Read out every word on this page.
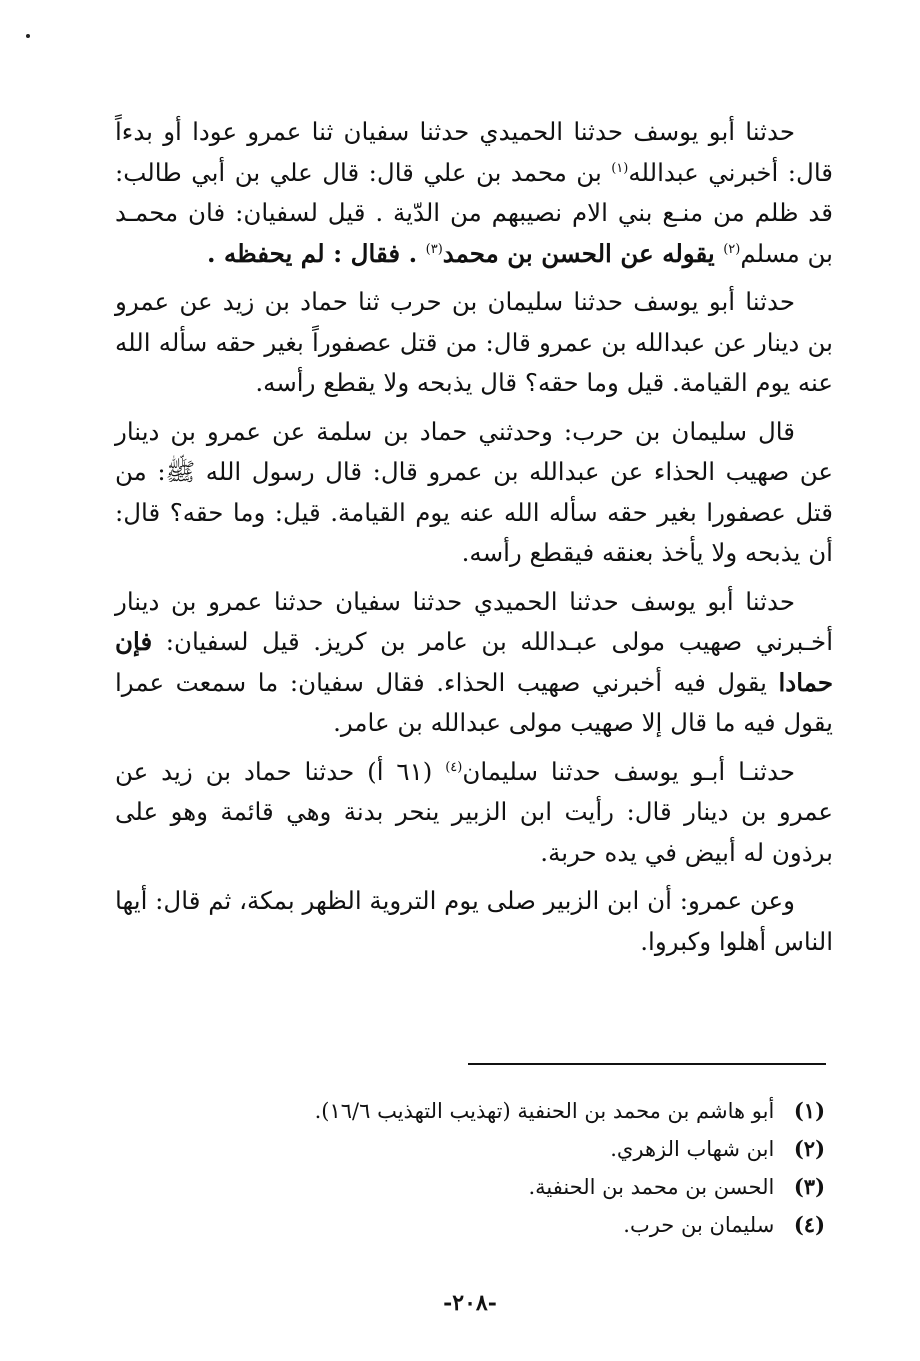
حدثنا أبو يوسف حدثنا الحميدي حدثنا سفيان ثنا عمرو عودا أو بدءاً قال: أخبرني عبدالله$^{(١)}$ بن محمد بن علي قال: قال علي بن أبي طالب: قد ظلم من منـع بني الام نصيبهم من الدّية . قيل لسفيان: فان محمـد بن مسلم$^{(٢)}$ يقوله عن الحسن بن محمد$^{(٣)}$ . فقال : لم يحفظه .

حدثنا أبو يوسف حدثنا سليمان بن حرب ثنا حماد بن زيد عن عمرو بن دينار عن عبدالله بن عمرو قال: من قتل عصفوراً بغير حقه سأله الله عنه يوم القيامة. قيل وما حقه؟ قال يذبحه ولا يقطع رأسه.

قال سليمان بن حرب: وحدثني حماد بن سلمة عن عمرو بن دينار عن صهيب الحذاء عن عبدالله بن عمرو قال: قال رسول الله ﷺ: من قتل عصفورا بغير حقه سأله الله عنه يوم القيامة. قيل: وما حقه؟ قال: أن يذبحه ولا يأخذ بعنقه فيقطع رأسه.

حدثنا أبو يوسف حدثنا الحميدي حدثنا سفيان حدثنا عمرو بن دينار أخـبرني صهيب مولى عبـدالله بن عامر بن كريز. قيل لسفيان: فإن حمادا يقول فيه أخبرني صهيب الحذاء. فقال سفيان: ما سمعت عمرا يقول فيه ما قال إلا صهيب مولى عبدالله بن عامر.

حدثنـا أبـو يوسف حدثنا سليمان$^{(٤)}$ (٦١ أ) حدثنا حماد بن زيد عن عمرو بن دينار قال: رأيت ابن الزبير ينحر بدنة وهي قائمة وهو على برذون له أبيض في يده حربة.

وعن عمرو: أن ابن الزبير صلى يوم التروية الظهر بمكة، ثم قال: أيها الناس أهلوا وكبروا.

(١) أبو هاشم بن محمد بن الحنفية (تهذيب التهذيب ١٦/٦).
(٢) ابن شهاب الزهري.
(٣) الحسن بن محمد بن الحنفية.
(٤) سليمان بن حرب.
-٢٠٨-
